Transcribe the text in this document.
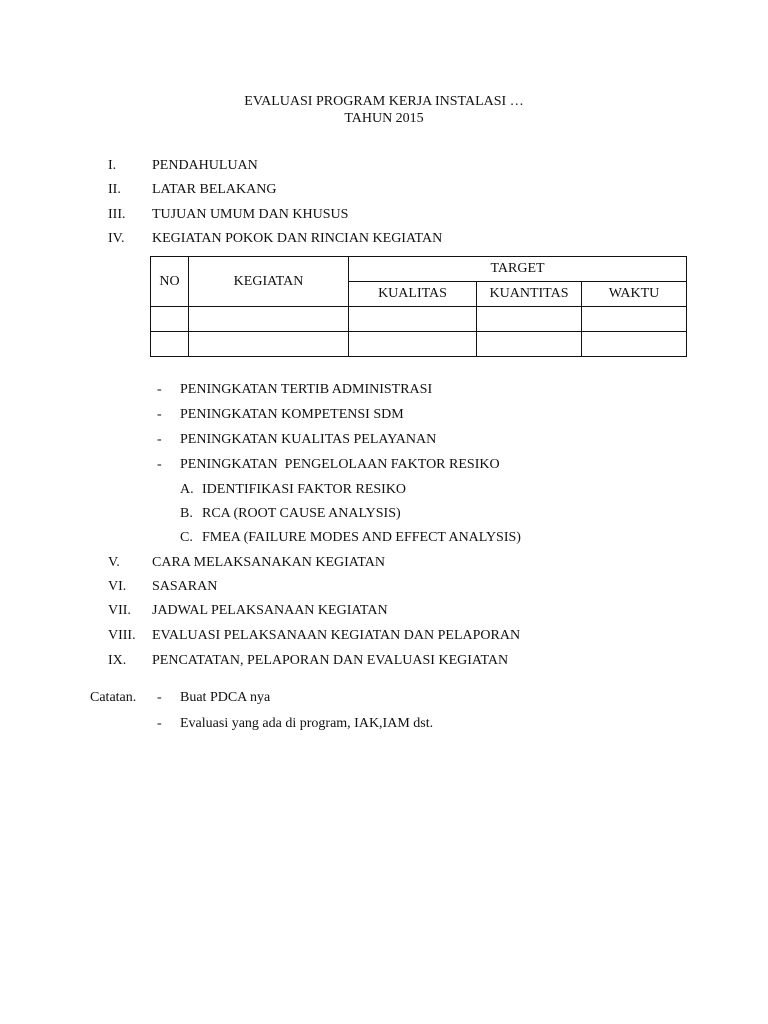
EVALUASI PROGRAM KERJA INSTALASI …
TAHUN 2015
I.	PENDAHULUAN
II. LATAR BELAKANG
III. TUJUAN UMUM DAN KHUSUS
IV. KEGIATAN POKOK DAN RINCIAN KEGIATAN
NO	KEGIATAN	TARGET		
		KUALITAS	KUANTITAS	WAKTU

- PENINGKATAN TERTIB ADMINISTRASI
- PENINGKATAN KOMPETENSI SDM
- PENINGKATAN KUALITAS PELAYANAN
- PENINGKATAN  PENGELOLAAN FAKTOR RESIKO
A. IDENTIFIKASI FAKTOR RESIKO
B. RCA (ROOT CAUSE ANALYSIS)
C. FMEA (FAILURE MODES AND EFFECT ANALYSIS)
V. CARA MELAKSANAKAN KEGIATAN
VI. SASARAN
VII. JADWAL PELAKSANAAN KEGIATAN
VIII. EVALUASI PELAKSANAAN KEGIATAN DAN PELAPORAN
IX. PENCATATAN, PELAPORAN DAN EVALUASI KEGIATAN
Catatan. - Buat PDCA nya
- Evaluasi yang ada di program, IAK,IAM dst.
